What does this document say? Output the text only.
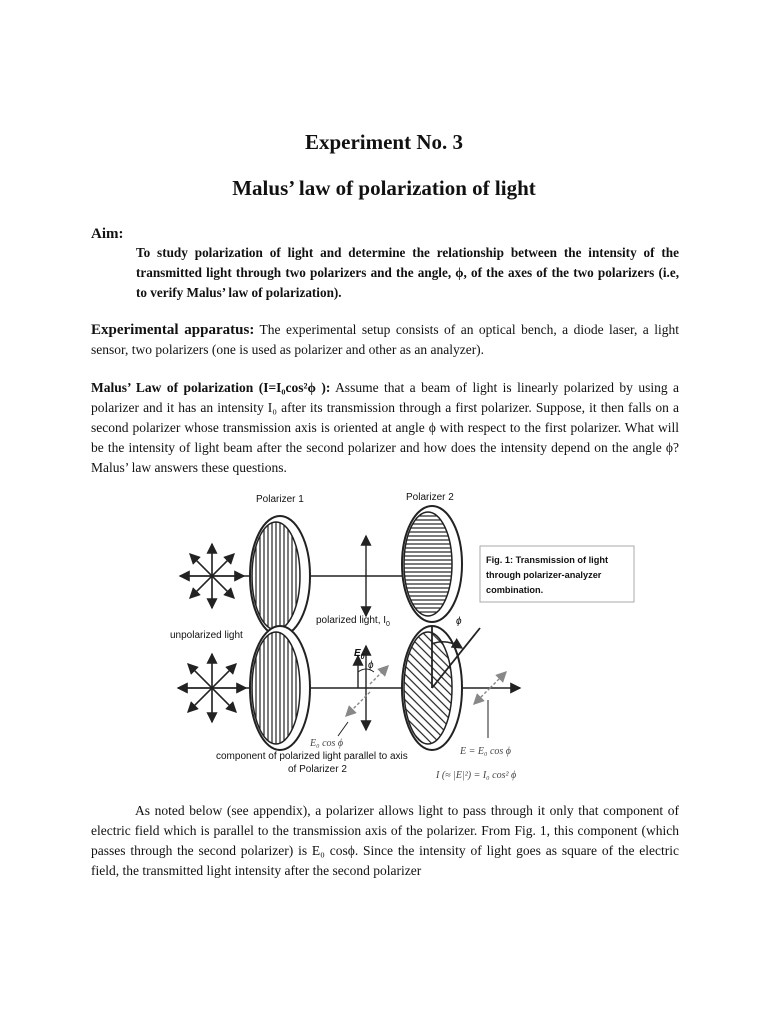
Experiment No. 3
Malus’ law of polarization of light
Aim:
To study polarization of light and determine the relationship between the intensity of the transmitted light through two polarizers and the angle, ϕ, of the axes of the two polarizers (i.e, to verify Malus’ law of polarization).

Experimental apparatus: The experimental setup consists of an optical bench, a diode laser, a light sensor, two polarizers (one is used as polarizer and other as an analyzer).

Malus’ Law of polarization (I=I₀cos²ϕ ): Assume that a beam of light is linearly polarized by using a polarizer and it has an intensity I₀ after its transmission through a first polarizer. Suppose, it then falls on a second polarizer whose transmission axis is oriented at angle ϕ with respect to the first polarizer. What will be the intensity of light beam after the second polarizer and how does the intensity depend on the angle ϕ? Malus’ law answers these questions.

Polarizer 1
polarized light, $I_0$
Polarizer 2
Fig. 1: Transmission of light
through polarizer-analyzer
combination.
unpolarized light
$E_0$
ϕ
ϕ
E₀ cos ϕ
component of polarized light parallel to axis
of Polarizer 2
E = E₀ cos ϕ
I (≈ |E|²) = I₀ cos² ϕ

As noted below (see appendix), a polarizer allows light to pass through it only that component of electric field which is parallel to the transmission axis of the polarizer. From Fig. 1, this component (which passes through the second polarizer) is E₀ cosϕ. Since the intensity of light goes as square of the electric field, the transmitted light intensity after the second polarizer
